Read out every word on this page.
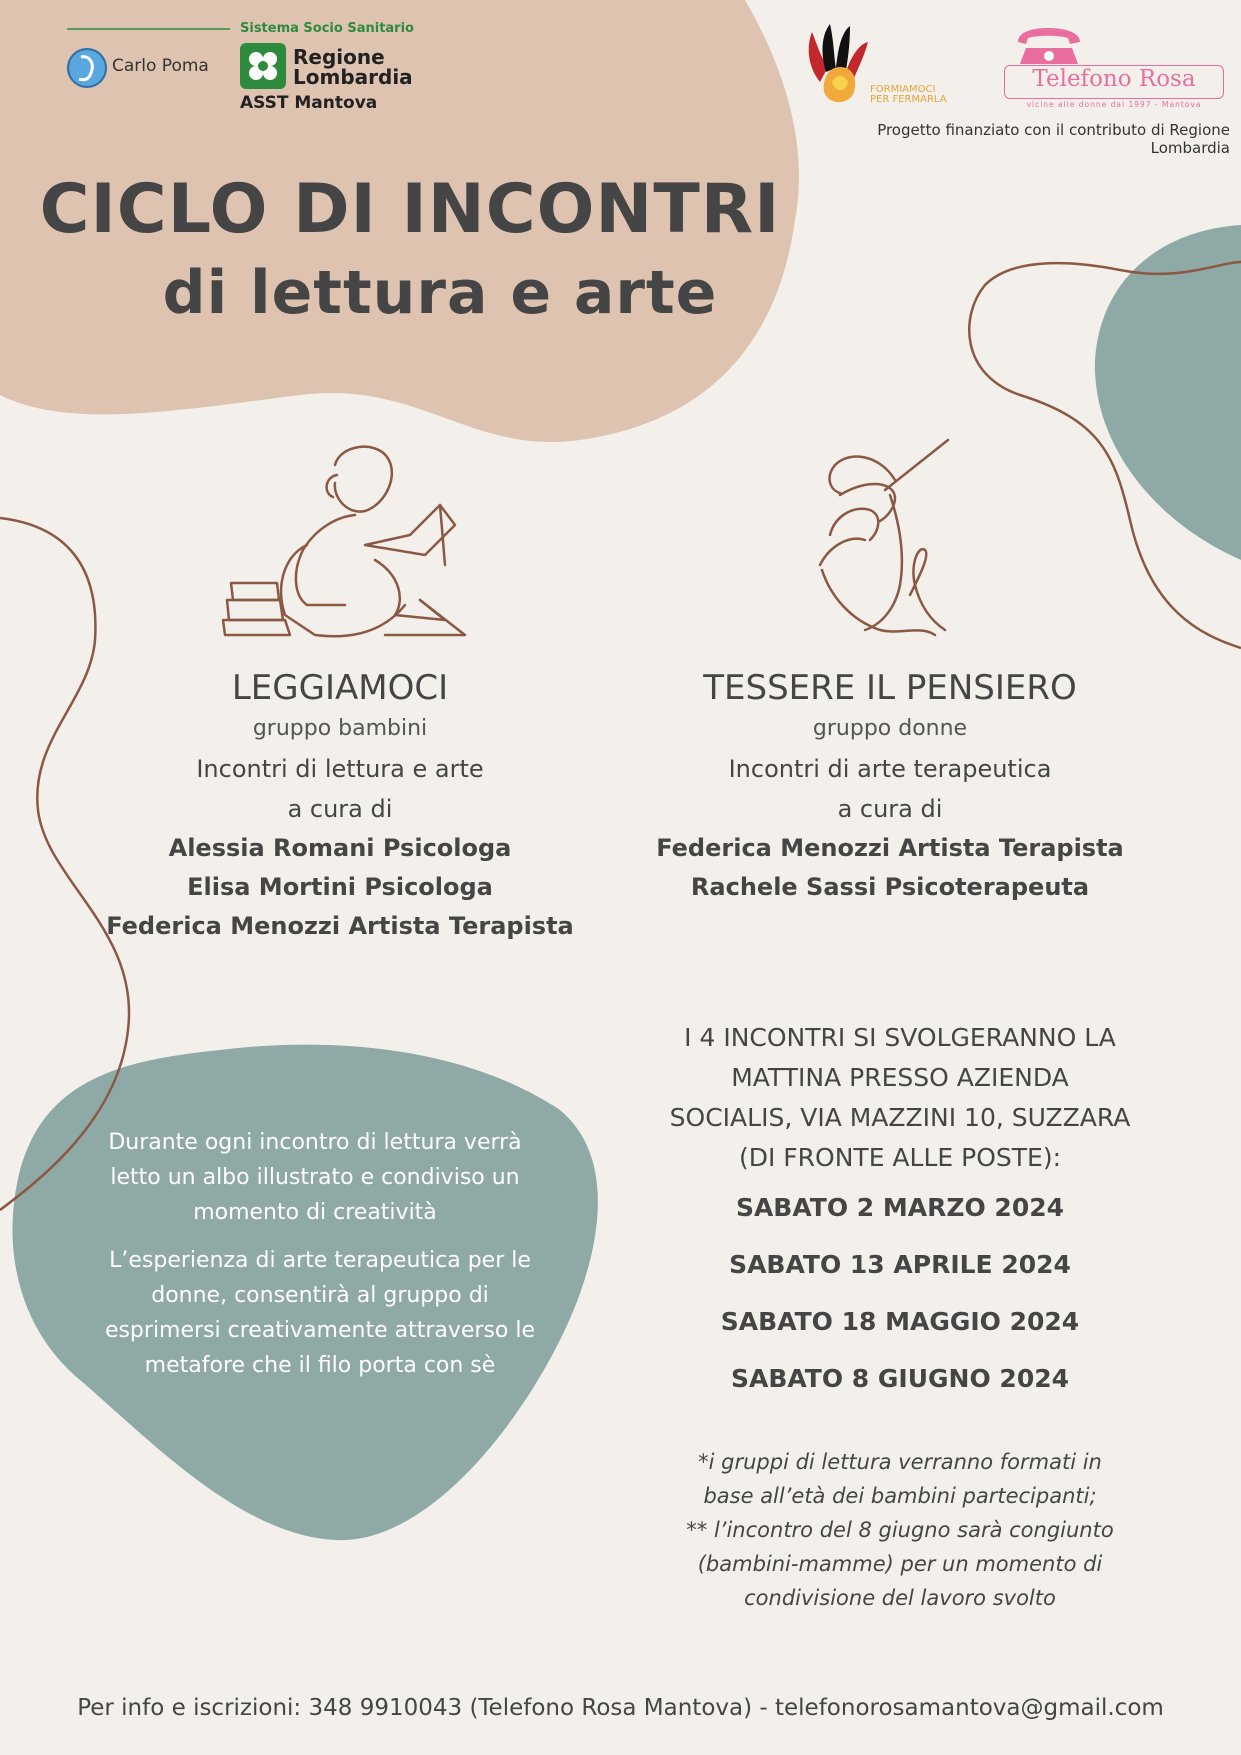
Carlo Poma
Sistema Socio Sanitario
Regione
Lombardia
ASST Mantova
FORMIAMOCI
PER FERMARLA
Telefono Rosa
vicine alle donne dal 1997 - Mantova
Progetto finanziato con il contributo di Regione Lombardia
CICLO DI INCONTRI
di lettura e arte
LEGGIAMOCI
gruppo bambini
Incontri di lettura e arte
a cura di
Alessia Romani Psicologa
Elisa Mortini Psicologa
Federica Menozzi Artista Terapista
TESSERE IL PENSIERO
gruppo donne
Incontri di arte terapeutica
a cura di
Federica Menozzi Artista Terapista
Rachele Sassi Psicoterapeuta
Durante ogni incontro di lettura verrà letto un albo illustrato e condiviso un momento di creatività
L’esperienza di arte terapeutica per le donne, consentirà al gruppo di esprimersi creativamente attraverso le metafore che il filo porta con sè
I 4 INCONTRI SI SVOLGERANNO LA
MATTINA PRESSO AZIENDA
SOCIALIS, VIA MAZZINI 10, SUZZARA
(DI FRONTE ALLE POSTE):
SABATO 2 MARZO 2024
SABATO 13 APRILE 2024
SABATO 18 MAGGIO 2024
SABATO 8 GIUGNO 2024
*i gruppi di lettura verranno formati in
base all’età dei bambini partecipanti;
** l’incontro del 8 giugno sarà congiunto
(bambini-mamme) per un momento di
condivisione del lavoro svolto
Per info e iscrizioni: 348 9910043 (Telefono Rosa Mantova) - telefonorosamantova@gmail.com
